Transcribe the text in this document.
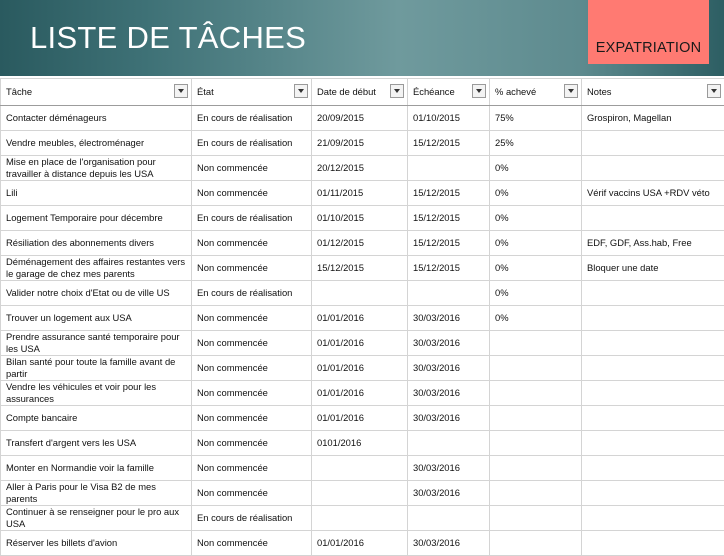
LISTE DE TÂCHES	EXPATRIATION
Tâche	État	Date de début	Échéance	% achevé	Notes

Contacter déménageurs	En cours de réalisation	20/09/2015	01/10/2015	75%	Grospiron, Magellan
Vendre meubles, électroménager	En cours de réalisation	21/09/2015	15/12/2015	25%	
Mise en place de l'organisation pour travailler à distance depuis les USA	Non commencée	20/12/2015		0%	
Lili	Non commencée	01/11/2015	15/12/2015	0%	Vérif vaccins USA +RDV véto
Logement Temporaire pour décembre	En cours de réalisation	01/10/2015	15/12/2015	0%	
Résiliation des abonnements divers	Non commencée	01/12/2015	15/12/2015	0%	EDF, GDF, Ass.hab, Free
Déménagement des affaires restantes vers le garage de chez mes parents	Non commencée	15/12/2015	15/12/2015	0%	Bloquer une date
Valider notre choix d'Etat ou de ville US	En cours de réalisation			0%	
Trouver un logement aux USA	Non commencée	01/01/2016	30/03/2016	0%	
Prendre assurance santé temporaire pour les USA	Non commencée	01/01/2016	30/03/2016		
Bilan santé pour toute la famille avant de partir	Non commencée	01/01/2016	30/03/2016		
Vendre les véhicules et voir pour les assurances	Non commencée	01/01/2016	30/03/2016		
Compte bancaire	Non commencée	01/01/2016	30/03/2016		
Transfert d'argent vers les USA	Non commencée	0101/2016			
Monter en Normandie voir la famille	Non commencée		30/03/2016		
Aller à Paris pour le Visa B2 de mes parents	Non commencée		30/03/2016		
Continuer à se renseigner pour le pro aux USA	En cours de réalisation				
Réserver les billets d'avion	Non commencée	01/01/2016	30/03/2016		
